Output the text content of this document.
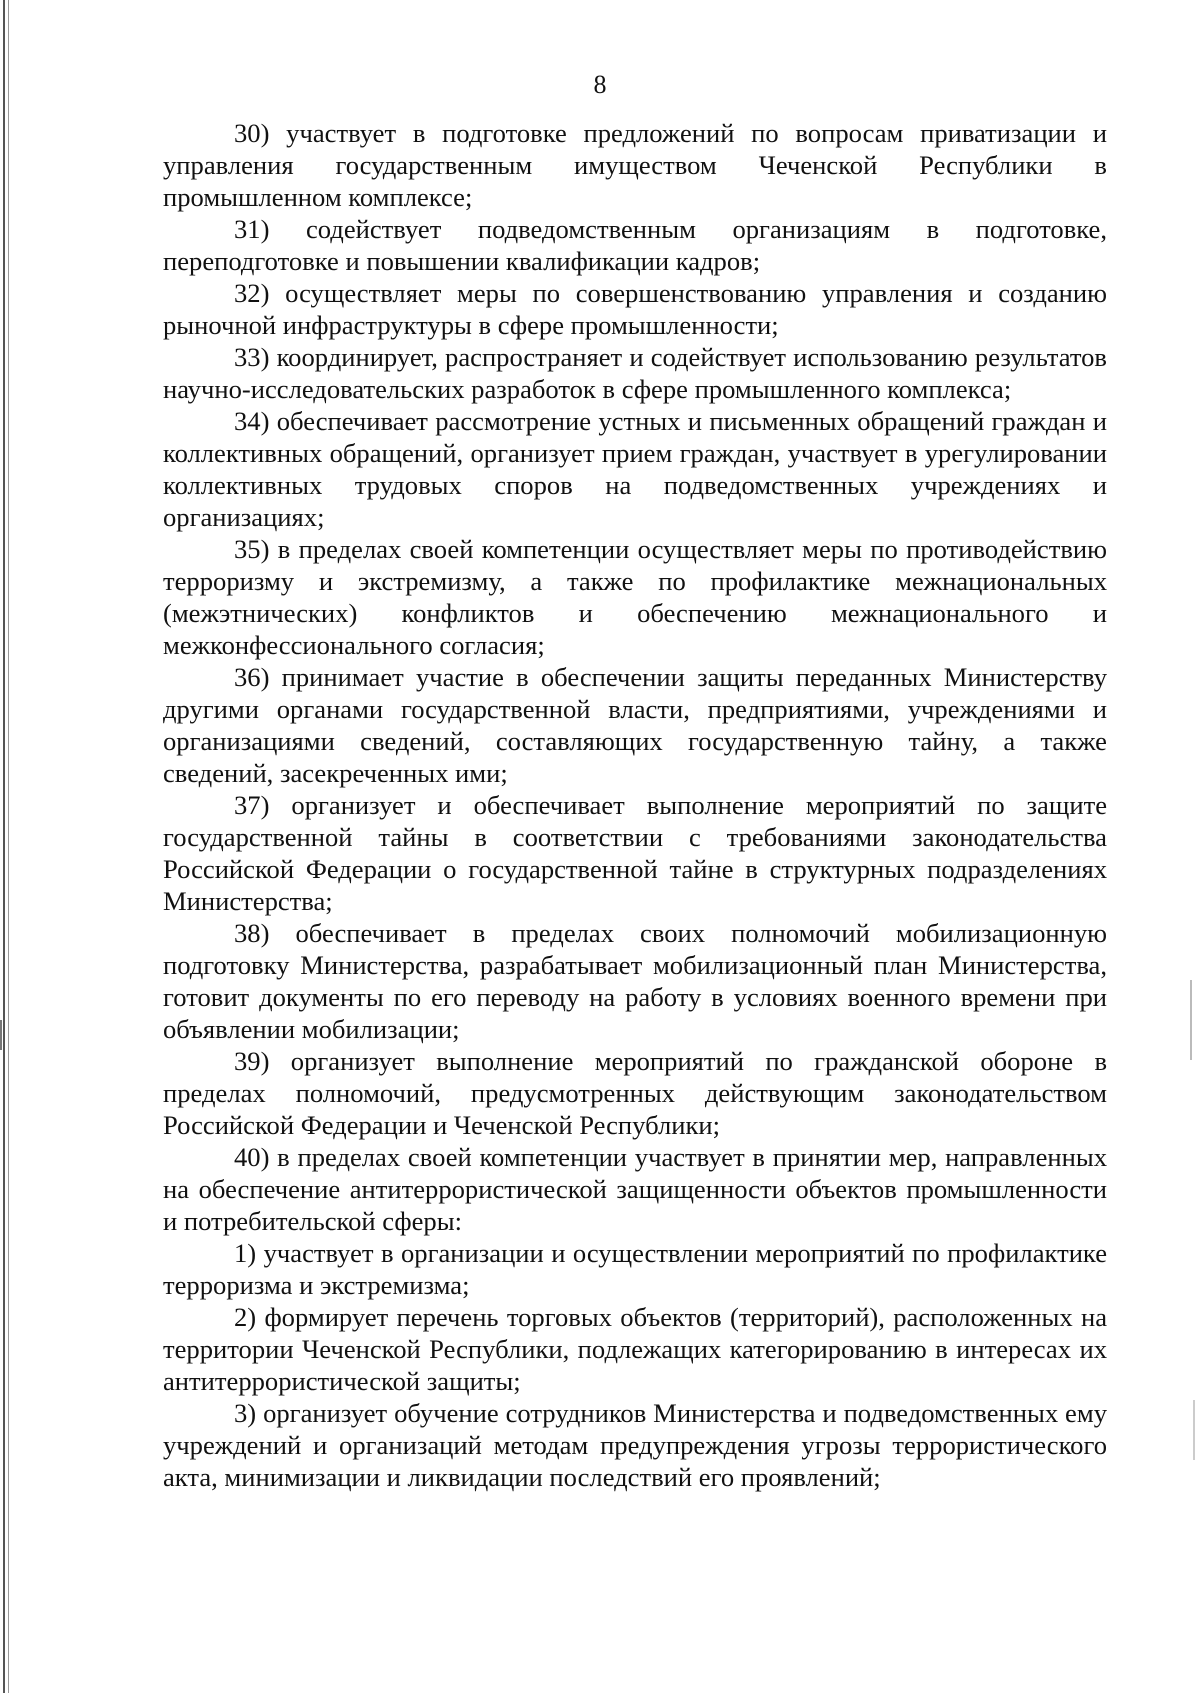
8

30) участвует в подготовке предложений по вопросам приватизации и управления государственным имуществом Чеченской Республики в промышленном комплексе;

31) содействует подведомственным организациям в подготовке, переподготовке и повышении квалификации кадров;

32) осуществляет меры по совершенствованию управления и созданию рыночной инфраструктуры в сфере промышленности;

33) координирует, распространяет и содействует использованию результатов научно-исследовательских разработок в сфере промышленного комплекса;

34) обеспечивает рассмотрение устных и письменных обращений граждан и коллективных обращений, организует прием граждан, участвует в урегулировании коллективных трудовых споров на подведомственных учреждениях и организациях;

35) в пределах своей компетенции осуществляет меры по противодействию терроризму и экстремизму, а также по профилактике межнациональных (межэтнических) конфликтов и обеспечению межнационального и межконфессионального согласия;

36) принимает участие в обеспечении защиты переданных Министерству другими органами государственной власти, предприятиями, учреждениями и организациями сведений, составляющих государственную тайну, а также сведений, засекреченных ими;

37) организует и обеспечивает выполнение мероприятий по защите государственной тайны в соответствии с требованиями законодательства Российской Федерации о государственной тайне в структурных подразделениях Министерства;

38) обеспечивает в пределах своих полномочий мобилизационную подготовку Министерства, разрабатывает мобилизационный план Министерства, готовит документы по его переводу на работу в условиях военного времени при объявлении мобилизации;

39) организует выполнение мероприятий по гражданской обороне в пределах полномочий, предусмотренных действующим законодательством Российской Федерации и Чеченской Республики;

40) в пределах своей компетенции участвует в принятии мер, направленных на обеспечение антитеррористической защищенности объектов промышленности и потребительской сферы:

1) участвует в организации и осуществлении мероприятий по профилактике терроризма и экстремизма;

2) формирует перечень торговых объектов (территорий), расположенных на территории Чеченской Республики, подлежащих категорированию в интересах их антитеррористической защиты;

3) организует обучение сотрудников Министерства и подведомственных ему учреждений и организаций методам предупреждения угрозы террористического акта, минимизации и ликвидации последствий его проявлений;
